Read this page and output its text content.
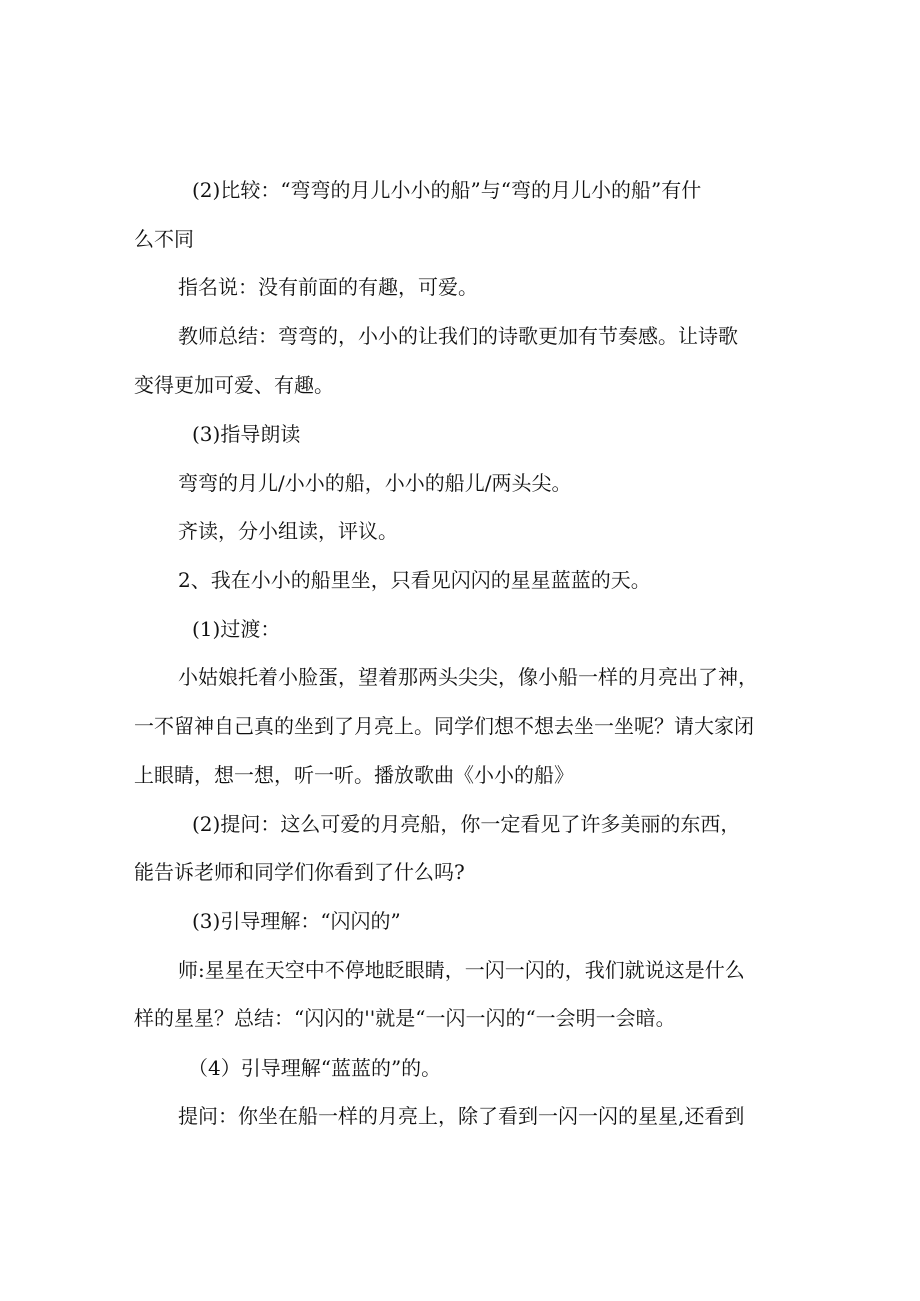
(2)比较：“弯弯的月儿小小的船”与“弯的月儿小的船”有什

么不同

指名说：没有前面的有趣，可爱。

教师总结：弯弯的，小小的让我们的诗歌更加有节奏感。让诗歌

变得更加可爱、有趣。

(3)指导朗读

弯弯的月儿/小小的船，小小的船儿/两头尖。

齐读，分小组读，评议。

2、我在小小的船里坐，只看见闪闪的星星蓝蓝的天。

(1)过渡：

小姑娘托着小脸蛋，望着那两头尖尖，像小船一样的月亮出了神，

一不留神自己真的坐到了月亮上。同学们想不想去坐一坐呢？请大家闭

上眼睛，想一想，听一听。播放歌曲《小小的船》

(2)提问：这么可爱的月亮船，你一定看见了许多美丽的东西，

能告诉老师和同学们你看到了什么吗?

(3)引导理解：“闪闪的”

师:星星在天空中不停地眨眼睛，一闪一闪的，我们就说这是什么

样的星星？总结：“闪闪的''就是“一闪一闪的“一会明一会暗。

（4）引导理解“蓝蓝的”的。

提问：你坐在船一样的月亮上，除了看到一闪一闪的星星,还看到
